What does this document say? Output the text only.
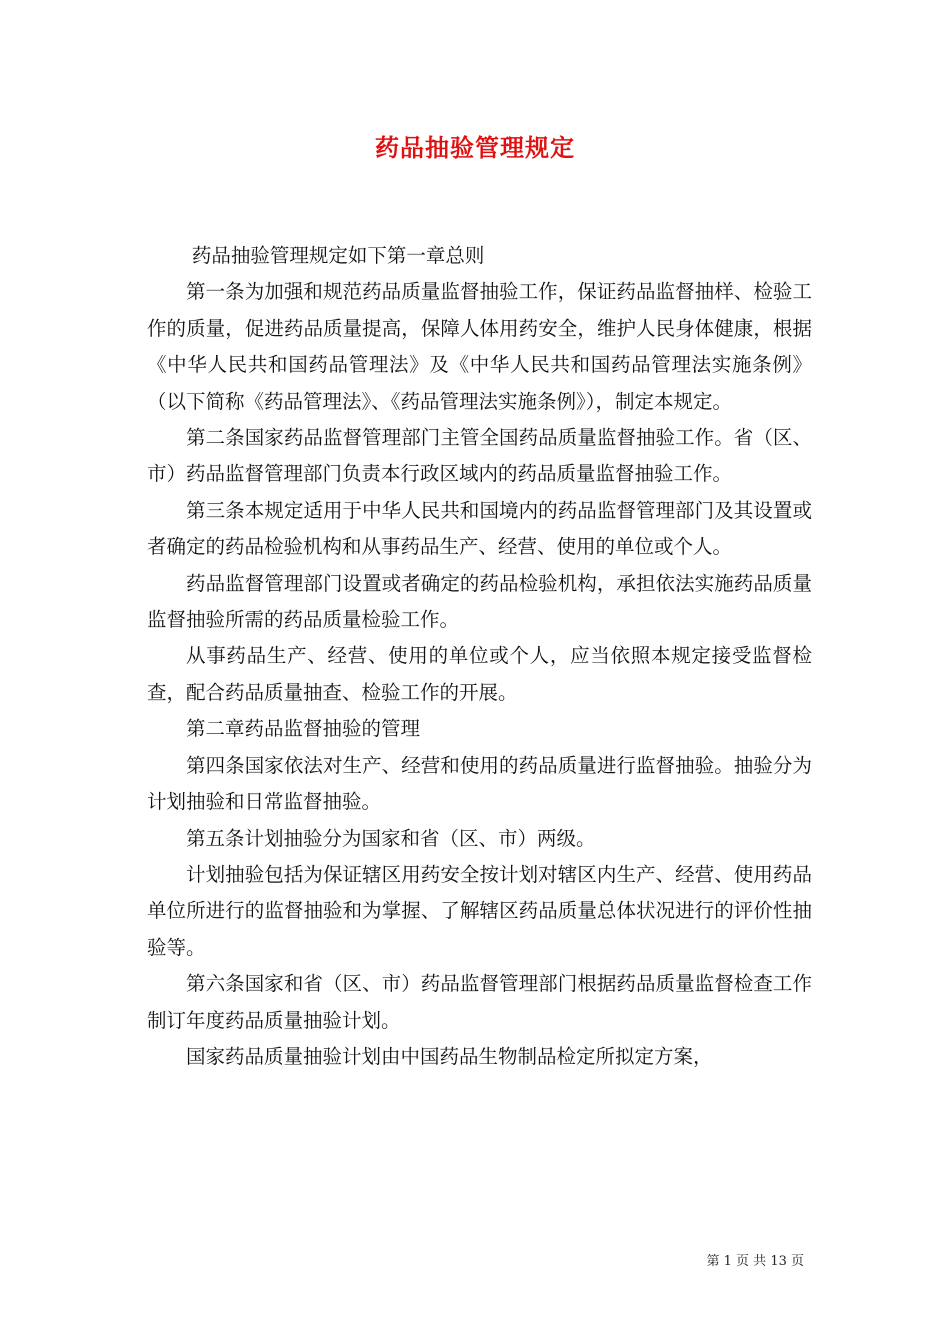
药品抽验管理规定

药品抽验管理规定如下第一章总则

第一条为加强和规范药品质量监督抽验工作，保证药品监督抽样、检验工作的质量，促进药品质量提高，保障人体用药安全，维护人民身体健康，根据《中华人民共和国药品管理法》及《中华人民共和国药品管理法实施条例》（以下简称《药品管理法》、《药品管理法实施条例》），制定本规定。

第二条国家药品监督管理部门主管全国药品质量监督抽验工作。省（区、市）药品监督管理部门负责本行政区域内的药品质量监督抽验工作。

第三条本规定适用于中华人民共和国境内的药品监督管理部门及其设置或者确定的药品检验机构和从事药品生产、经营、使用的单位或个人。

药品监督管理部门设置或者确定的药品检验机构，承担依法实施药品质量监督抽验所需的药品质量检验工作。

从事药品生产、经营、使用的单位或个人，应当依照本规定接受监督检查，配合药品质量抽查、检验工作的开展。

第二章药品监督抽验的管理

第四条国家依法对生产、经营和使用的药品质量进行监督抽验。抽验分为计划抽验和日常监督抽验。

第五条计划抽验分为国家和省（区、市）两级。

计划抽验包括为保证辖区用药安全按计划对辖区内生产、经营、使用药品单位所进行的监督抽验和为掌握、了解辖区药品质量总体状况进行的评价性抽验等。

第六条国家和省（区、市）药品监督管理部门根据药品质量监督检查工作制订年度药品质量抽验计划。

国家药品质量抽验计划由中国药品生物制品检定所拟定方案，

第 1 页 共 13 页
